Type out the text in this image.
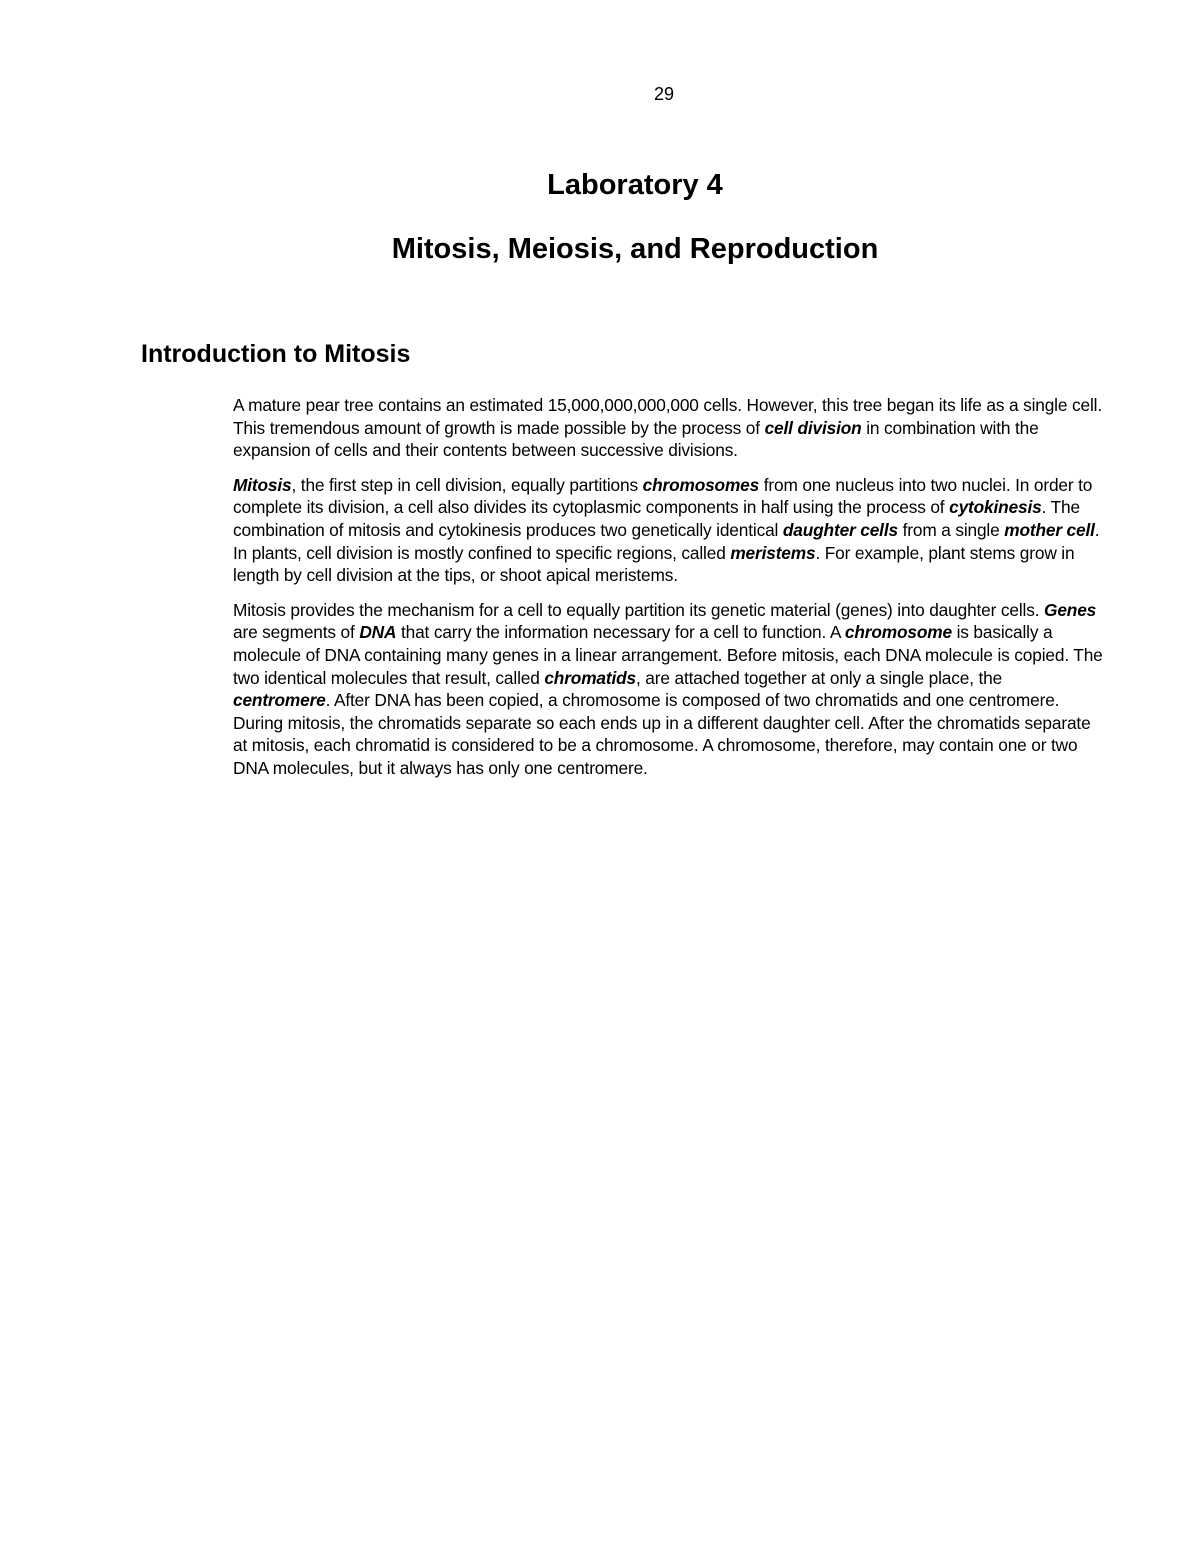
29
Laboratory 4
Mitosis, Meiosis, and Reproduction
Introduction to Mitosis

A mature pear tree contains an estimated 15,000,000,000,000 cells. However, this tree began its life as a single cell. This tremendous amount of growth is made possible by the process of cell division in combination with the expansion of cells and their contents between successive divisions.

Mitosis, the first step in cell division, equally partitions chromosomes from one nucleus into two nuclei. In order to complete its division, a cell also divides its cytoplasmic components in half using the process of cytokinesis. The combination of mitosis and cytokinesis produces two genetically identical daughter cells from a single mother cell. In plants, cell division is mostly confined to specific regions, called meristems. For example, plant stems grow in length by cell division at the tips, or shoot apical meristems.

Mitosis provides the mechanism for a cell to equally partition its genetic material (genes) into daughter cells. Genes are segments of DNA that carry the information necessary for a cell to function. A chromosome is basically a molecule of DNA containing many genes in a linear arrangement. Before mitosis, each DNA molecule is copied. The two identical molecules that result, called chromatids, are attached together at only a single place, the centromere. After DNA has been copied, a chromosome is composed of two chromatids and one centromere. During mitosis, the chromatids separate so each ends up in a different daughter cell. After the chromatids separate at mitosis, each chromatid is considered to be a chromosome. A chromosome, therefore, may contain one or two DNA molecules, but it always has only one centromere.
